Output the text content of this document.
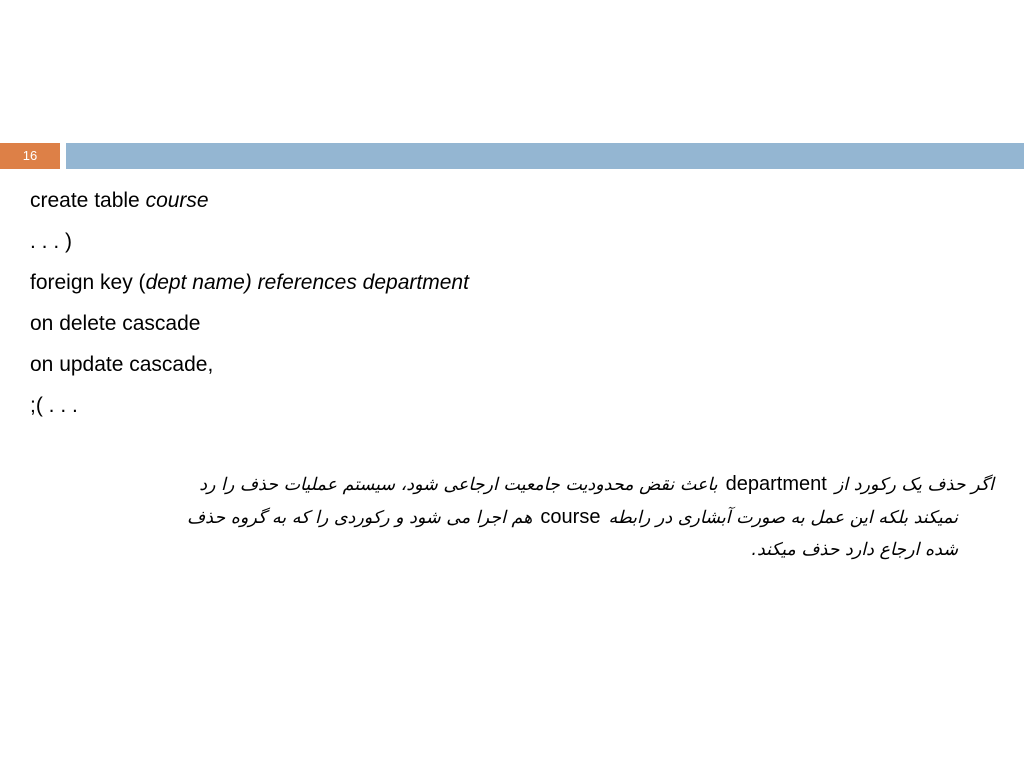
16
create table course
. . . )
foreign key (dept name) references department
on delete cascade
on update cascade,
;( . . .
اگر حذف یک رکورد ازdepartmentباعث نقض محدودیت جامعیت ارجاعی شود، سیستم عملیات حذف را رد
نمیکند بلکه این عمل به صورت آبشاری در رابطهcourseهم اجرا می شود و رکوردی را که به گروه حذف
شده ارجاع دارد حذف میکند.
